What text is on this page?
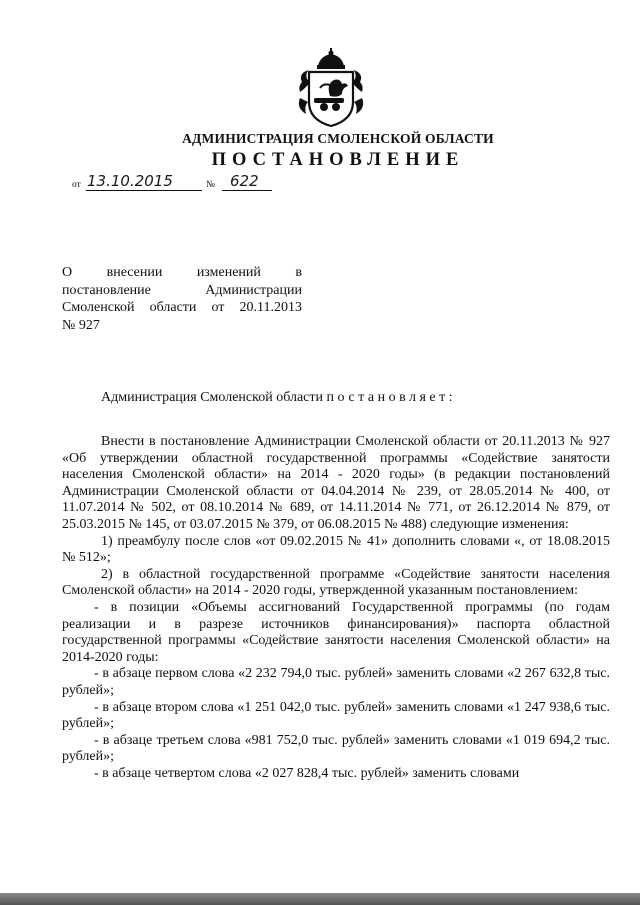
АДМИНИСТРАЦИЯ СМОЛЕНСКОЙ ОБЛАСТИ
ПОСТАНОВЛЕНИЕ
от 13.10.2015	№ 622
О внесении изменений в
постановление Администрации
Смоленской области от 20.11.2013
№ 927
Администрация Смоленской области постановляет:

Внести в постановление Администрации Смоленской области от 20.11.2013 № 927 «Об утверждении областной государственной программы «Содействие занятости населения Смоленской области» на 2014 - 2020 годы» (в редакции постановлений Администрации Смоленской области от 04.04.2014 № 239, от 28.05.2014 № 400, от 11.07.2014 № 502, от 08.10.2014 № 689, от 14.11.2014 № 771, от 26.12.2014 № 879, от 25.03.2015 № 145, от 03.07.2015 № 379, от 06.08.2015 № 488) следующие изменения:

1) преамбулу после слов «от 09.02.2015 № 41» дополнить словами «, от 18.08.2015 № 512»;

2) в областной государственной программе «Содействие занятости населения Смоленской области» на 2014 - 2020 годы, утвержденной указанным постановлением:

- в позиции «Объемы ассигнований Государственной программы (по годам реализации и в разрезе источников финансирования)» паспорта областной государственной программы «Содействие занятости населения Смоленской области» на 2014-2020 годы:

- в абзаце первом слова «2 232 794,0 тыс. рублей» заменить словами «2 267 632,8 тыс. рублей»;

- в абзаце втором слова «1 251 042,0 тыс. рублей» заменить словами «1 247 938,6 тыс. рублей»;

- в абзаце третьем слова «981 752,0 тыс. рублей» заменить словами «1 019 694,2 тыс. рублей»;

- в абзаце четвертом слова «2 027 828,4 тыс. рублей» заменить словами
